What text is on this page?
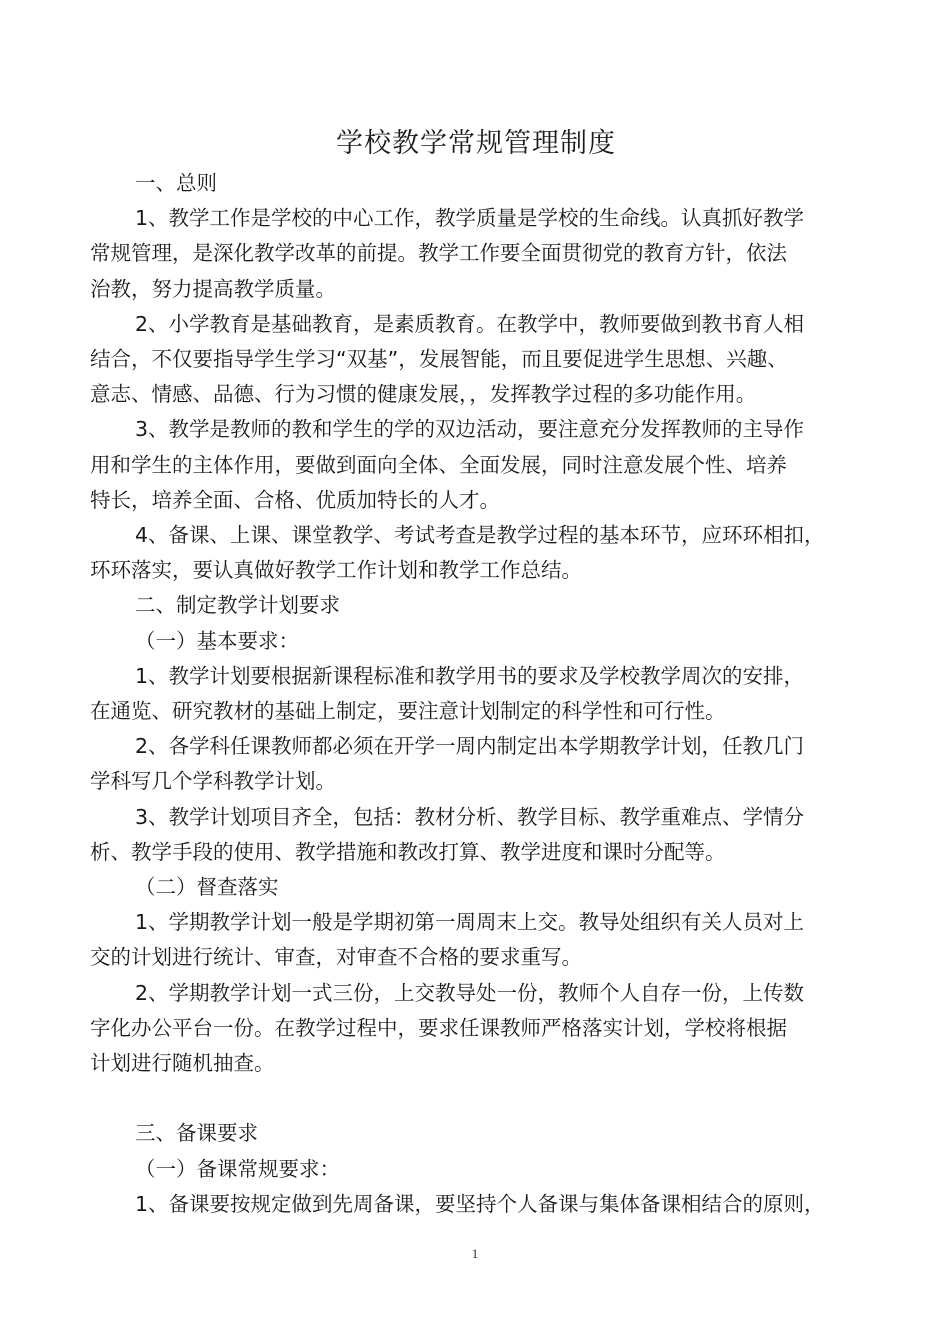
学校教学常规管理制度

一、总则

1、教学工作是学校的中心工作，教学质量是学校的生命线。认真抓好教学

常规管理，是深化教学改革的前提。教学工作要全面贯彻党的教育方针，依法

治教，努力提高教学质量。

2、小学教育是基础教育，是素质教育。在教学中，教师要做到教书育人相

结合，不仅要指导学生学习“双基”，发展智能，而且要促进学生思想、兴趣、

意志、情感、品德、行为习惯的健康发展，，发挥教学过程的多功能作用。

3、教学是教师的教和学生的学的双边活动，要注意充分发挥教师的主导作

用和学生的主体作用，要做到面向全体、全面发展，同时注意发展个性、培养

特长，培养全面、合格、优质加特长的人才。

4、备课、上课、课堂教学、考试考查是教学过程的基本环节，应环环相扣，

环环落实，要认真做好教学工作计划和教学工作总结。

二、制定教学计划要求

（一）基本要求：

1、教学计划要根据新课程标准和教学用书的要求及学校教学周次的安排，

在通览、研究教材的基础上制定，要注意计划制定的科学性和可行性。

2、各学科任课教师都必须在开学一周内制定出本学期教学计划，任教几门

学科写几个学科教学计划。

3、教学计划项目齐全，包括：教材分析、教学目标、教学重难点、学情分

析、教学手段的使用、教学措施和教改打算、教学进度和课时分配等。

（二）督查落实

1、学期教学计划一般是学期初第一周周末上交。教导处组织有关人员对上

交的计划进行统计、审查，对审查不合格的要求重写。

2、学期教学计划一式三份，上交教导处一份，教师个人自存一份，上传数

字化办公平台一份。在教学过程中，要求任课教师严格落实计划，学校将根据

计划进行随机抽查。

三、备课要求

（一）备课常规要求：

1、备课要按规定做到先周备课，要坚持个人备课与集体备课相结合的原则，

1
